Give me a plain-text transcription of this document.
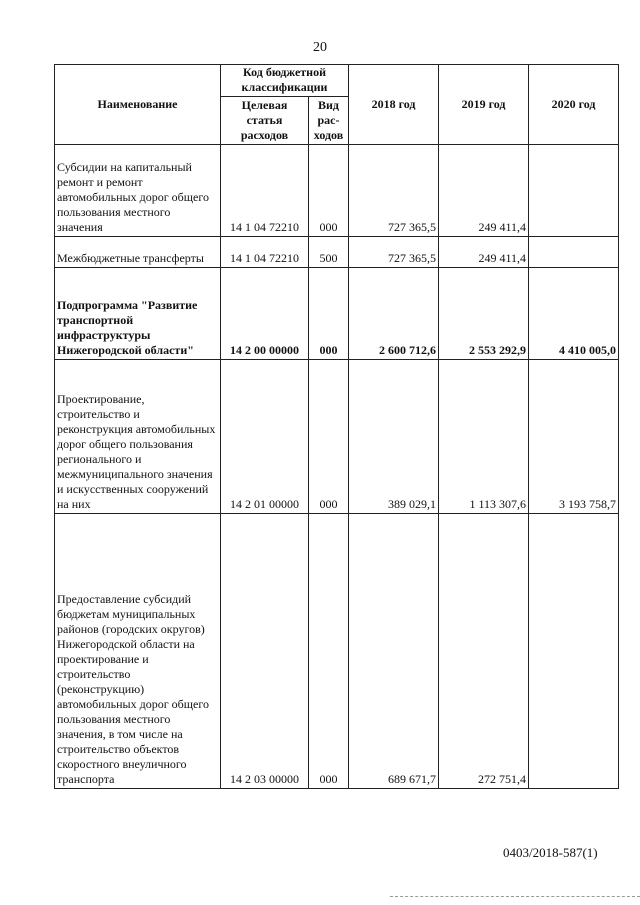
20
Наименование	Код бюджетной классификации		2018 год	2019 год	2020 год
	Целевая статья расходов	Вид рас-ходов			
Субсидии на капитальный ремонт и ремонт автомобильных дорог общего пользования местного значения	14 1 04 72210	000	727 365,5	249 411,4	
Межбюджетные трансферты	14 1 04 72210	500	727 365,5	249 411,4	
Подпрограмма "Развитие транспортной инфраструктуры Нижегородской области"	14 2 00 00000	000	2 600 712,6	2 553 292,9	4 410 005,0
Проектирование, строительство и реконструкция автомобильных дорог общего пользования регионального и межмуниципального значения и искусственных сооружений на них	14 2 01 00000	000	389 029,1	1 113 307,6	3 193 758,7
Предоставление субсидий бюджетам муниципальных районов (городских округов) Нижегородской области на проектирование и строительство (реконструкцию) автомобильных дорог общего пользования местного значения, в том числе на строительство объектов скоростного внеуличного транспорта	14 2 03 00000	000	689 671,7	272 751,4	
0403/2018-587(1)
